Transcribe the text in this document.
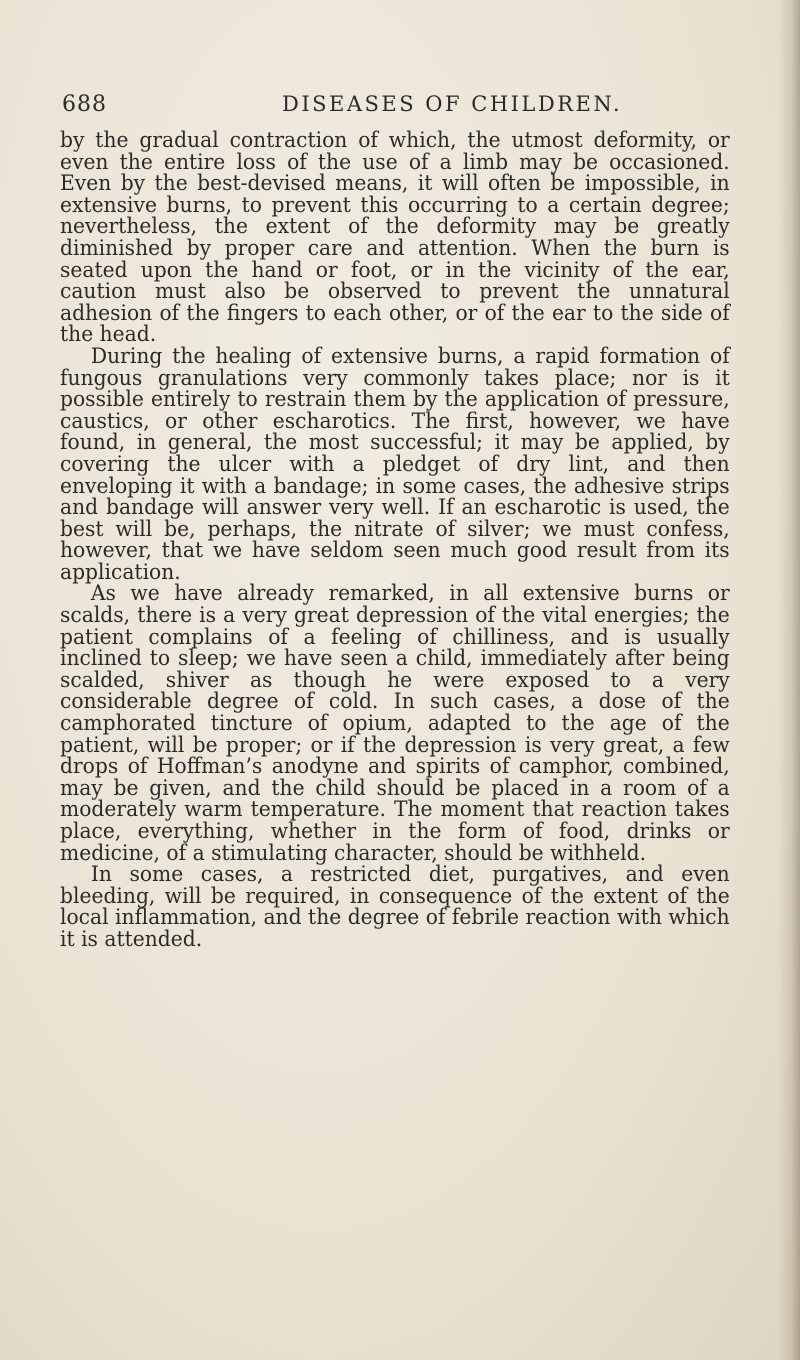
688	DISEASES OF CHILDREN.

by the gradual contraction of which, the utmost deformity, or even the entire loss of the use of a limb may be occasioned. Even by the best-devised means, it will often be impossible, in extensive burns, to prevent this occurring to a certain degree; nevertheless, the extent of the deformity may be greatly diminished by proper care and attention. When the burn is seated upon the hand or foot, or in the vicinity of the ear, caution must also be observed to prevent the unnatural adhesion of the fingers to each other, or of the ear to the side of the head.

During the healing of extensive burns, a rapid formation of fungous granulations very commonly takes place; nor is it possible entirely to restrain them by the application of pressure, caustics, or other escharotics. The first, however, we have found, in general, the most successful; it may be applied, by covering the ulcer with a pledget of dry lint, and then enveloping it with a bandage; in some cases, the adhesive strips and bandage will answer very well. If an escharotic is used, the best will be, perhaps, the nitrate of silver; we must confess, however, that we have seldom seen much good result from its application.

As we have already remarked, in all extensive burns or scalds, there is a very great depression of the vital energies; the patient complains of a feeling of chilliness, and is usually inclined to sleep; we have seen a child, immediately after being scalded, shiver as though he were exposed to a very considerable degree of cold. In such cases, a dose of the camphorated tincture of opium, adapted to the age of the patient, will be proper; or if the depression is very great, a few drops of Hoffman’s anodyne and spirits of camphor, combined, may be given, and the child should be placed in a room of a moderately warm temperature. The moment that reaction takes place, everything, whether in the form of food, drinks or medicine, of a stimulating character, should be withheld.

In some cases, a restricted diet, purgatives, and even bleeding, will be required, in consequence of the extent of the local inflammation, and the degree of febrile reaction with which it is attended.
